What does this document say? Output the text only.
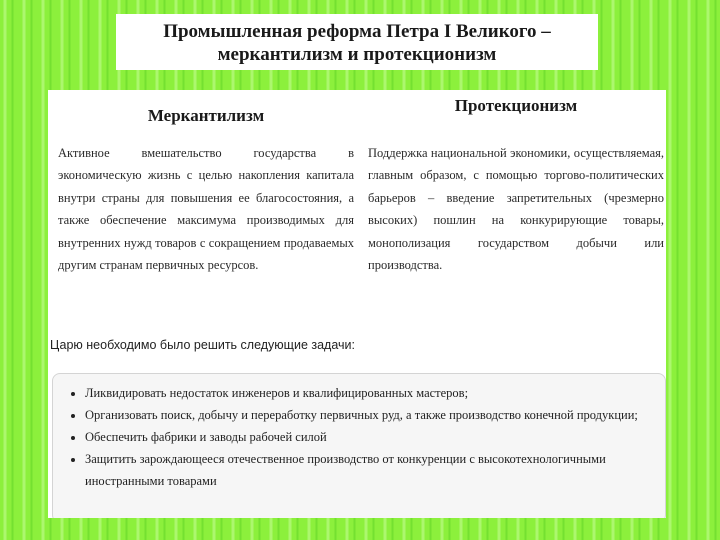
Промышленная реформа Петра I Великого –
меркантилизм и протекционизм
Меркантилизм
Активное вмешательство государства в экономическую жизнь с целью накопления капитала внутри страны для повышения ее благосостояния, а также обеспечение максимума производимых для внутренних нужд товаров с сокращением продаваемых другим странам первичных ресурсов.
Протекционизм
Поддержка национальной экономики, осуществляемая, главным образом, с помощью торгово-политических барьеров – введение запретительных (чрезмерно высоких) пошлин на конкурирующие товары, монополизация государством добычи или производства.
Царю необходимо было решить следующие задачи:
• Ликвидировать недостаток инженеров и квалифицированных мастеров;
• Организовать поиск, добычу и переработку первичных руд, а также производство конечной продукции;
• Обеспечить фабрики и заводы рабочей силой
• Защитить зарождающееся отечественное производство от конкуренции с высокотехнологичными иностранными товарами
